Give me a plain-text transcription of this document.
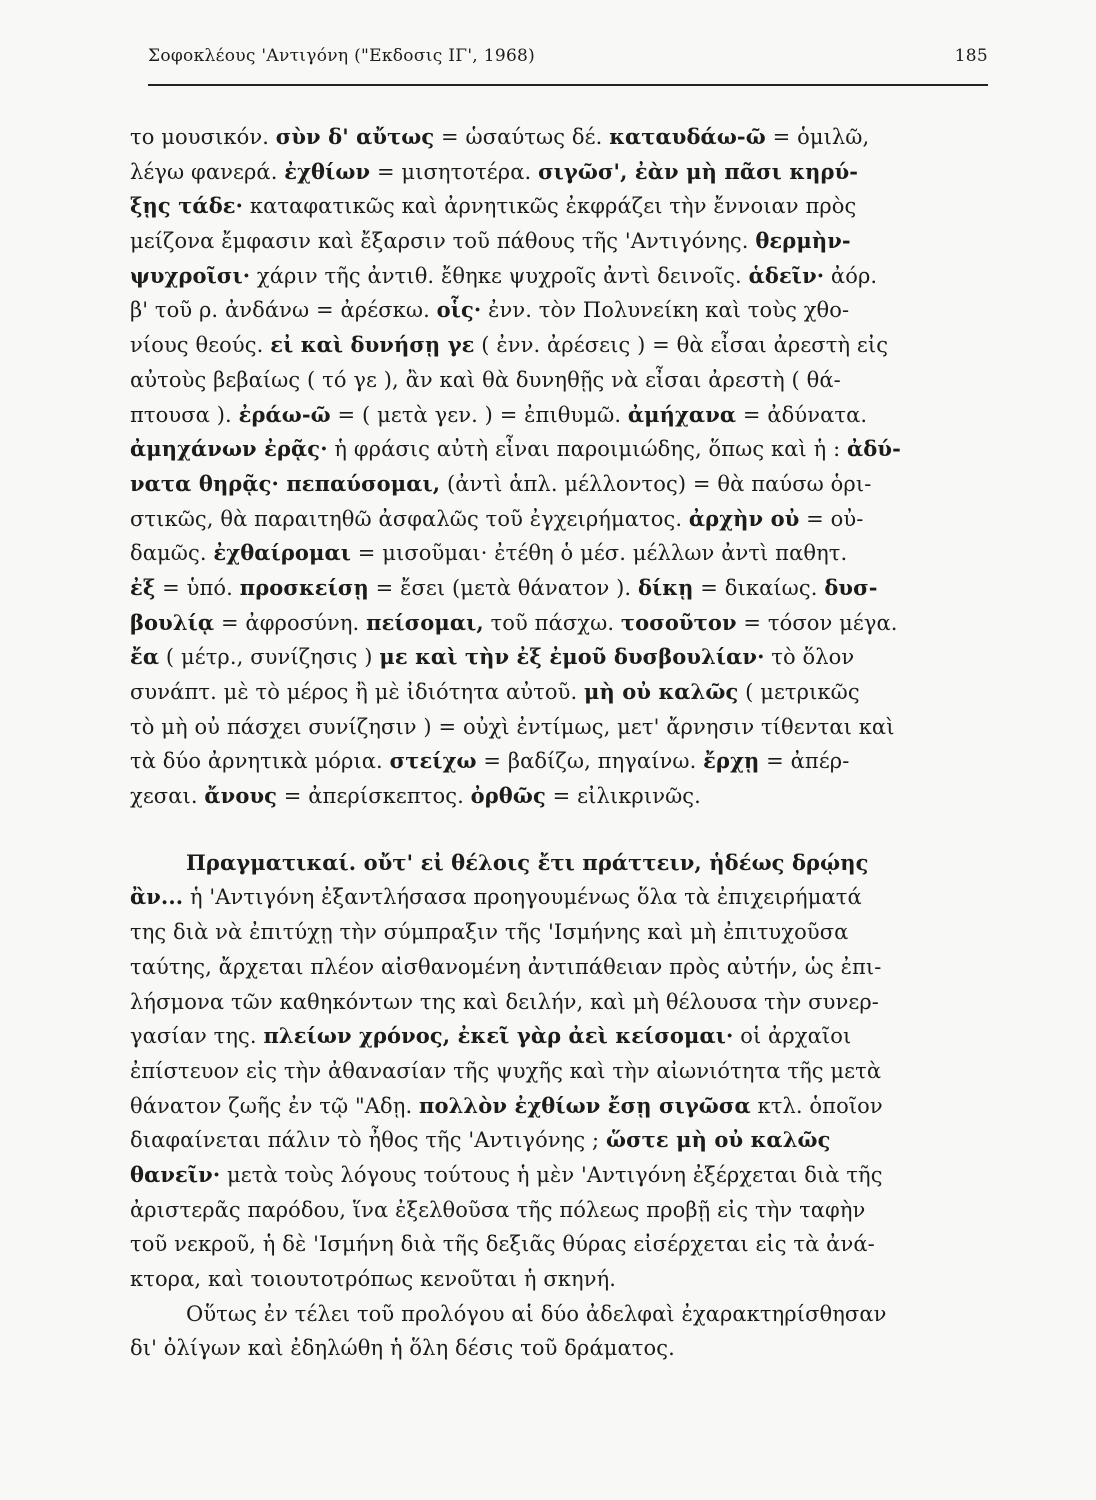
Σοφοκλέους 'Αντιγόνη ("Εκδοσις ΙΓ', 1968)	185
το μουσικόν. σὺν δ' αὔτως = ὡσαύτως δέ. καταυδάω-ῶ = ὁμιλῶ,
λέγω φανερά. ἐχθίων = μισητοτέρα. σιγῶσ', ἐὰν μὴ πᾶσι κηρύ-
ξῃς τάδε· καταφατικῶς καὶ ἀρνητικῶς ἐκφράζει τὴν ἔννοιαν πρὸς
μείζονα ἔμφασιν καὶ ἔξαρσιν τοῦ πάθους τῆς 'Αντιγόνης. θερμὴν-
ψυχροῖσι· χάριν τῆς ἀντιθ. ἔθηκε ψυχροῖς ἀντὶ δεινοῖς. ἁδεῖν· ἀόρ.
β' τοῦ ρ. ἀνδάνω = ἀρέσκω. οἷς· ἐνν. τὸν Πολυνείκη καὶ τοὺς χθο-
νίους θεούς. εἰ καὶ δυνήσῃ γε ( ἐνν. ἀρέσεις ) = θὰ εἶσαι ἀρεστὴ εἰς
αὐτοὺς βεβαίως ( τό γε ), ἂν καὶ θὰ δυνηθῇς νὰ εἶσαι ἀρεστὴ ( θά-
πτουσα ). ἐράω-ῶ = ( μετὰ γεν. ) = ἐπιθυμῶ. ἀμήχανα = ἀδύνατα.
ἀμηχάνων ἐρᾷς· ἡ φράσις αὐτὴ εἶναι παροιμιώδης, ὅπως καὶ ἡ : ἀδύ-
νατα θηρᾷς· πεπαύσομαι, (ἀντὶ ἁπλ. μέλλοντος) = θὰ παύσω ὁρι-
στικῶς, θὰ παραιτηθῶ ἀσφαλῶς τοῦ ἐγχειρήματος. ἀρχὴν οὐ = οὐ-
δαμῶς. ἐχθαίρομαι = μισοῦμαι· ἐτέθη ὁ μέσ. μέλλων ἀντὶ παθητ.
ἐξ = ὑπό. προσκείσῃ = ἔσει (μετὰ θάνατον ). δίκῃ = δικαίως. δυσ-
βουλίᾳ = ἀφροσύνη. πείσομαι, τοῦ πάσχω. τοσοῦτον = τόσον μέγα.
ἔα ( μέτρ., συνίζησις ) με καὶ τὴν ἐξ ἐμοῦ δυσβουλίαν· τὸ ὅλον
συνάπτ. μὲ τὸ μέρος ἢ μὲ ἰδιότητα αὐτοῦ. μὴ οὐ καλῶς ( μετρικῶς
τὸ μὴ οὐ πάσχει συνίζησιν ) = οὐχὶ ἐντίμως, μετ' ἄρνησιν τίθενται καὶ
τὰ δύο ἀρνητικὰ μόρια. στείχω = βαδίζω, πηγαίνω. ἔρχῃ = ἀπέρ-
χεσαι. ἄνους = ἀπερίσκεπτος. ὀρθῶς = εἰλικρινῶς.
Πραγματικαί. οὔτ' εἰ θέλοις ἔτι πράττειν, ἡδέως δρῴης
ἂν... ἡ 'Αντιγόνη ἐξαντλήσασα προηγουμένως ὅλα τὰ ἐπιχειρήματά
της διὰ νὰ ἐπιτύχῃ τὴν σύμπραξιν τῆς 'Ισμήνης καὶ μὴ ἐπιτυχοῦσα
ταύτης, ἄρχεται πλέον αἰσθανομένη ἀντιπάθειαν πρὸς αὐτήν, ὡς ἐπι-
λήσμονα τῶν καθηκόντων της καὶ δειλήν, καὶ μὴ θέλουσα τὴν συνερ-
γασίαν της. πλείων χρόνος, ἐκεῖ γὰρ ἀεὶ κείσομαι· οἱ ἀρχαῖοι
ἐπίστευον εἰς τὴν ἀθανασίαν τῆς ψυχῆς καὶ τὴν αἰωνιότητα τῆς μετὰ
θάνατον ζωῆς ἐν τῷ "Αδῃ. πολλὸν ἐχθίων ἔσῃ σιγῶσα κτλ. ὁποῖον
διαφαίνεται πάλιν τὸ ἦθος τῆς 'Αντιγόνης ; ὥστε μὴ οὐ καλῶς
θανεῖν· μετὰ τοὺς λόγους τούτους ἡ μὲν 'Αντιγόνη ἐξέρχεται διὰ τῆς
ἀριστερᾶς παρόδου, ἵνα ἐξελθοῦσα τῆς πόλεως προβῇ εἰς τὴν ταφὴν
τοῦ νεκροῦ, ἡ δὲ 'Ισμήνη διὰ τῆς δεξιᾶς θύρας εἰσέρχεται εἰς τὰ ἀνά-
κτορα, καὶ τοιουτοτρόπως κενοῦται ἡ σκηνή.
Οὕτως ἐν τέλει τοῦ προλόγου αἱ δύο ἀδελφαὶ ἐχαρακτηρίσθησαν
δι' ὀλίγων καὶ ἐδηλώθη ἡ ὅλη δέσις τοῦ δράματος.
